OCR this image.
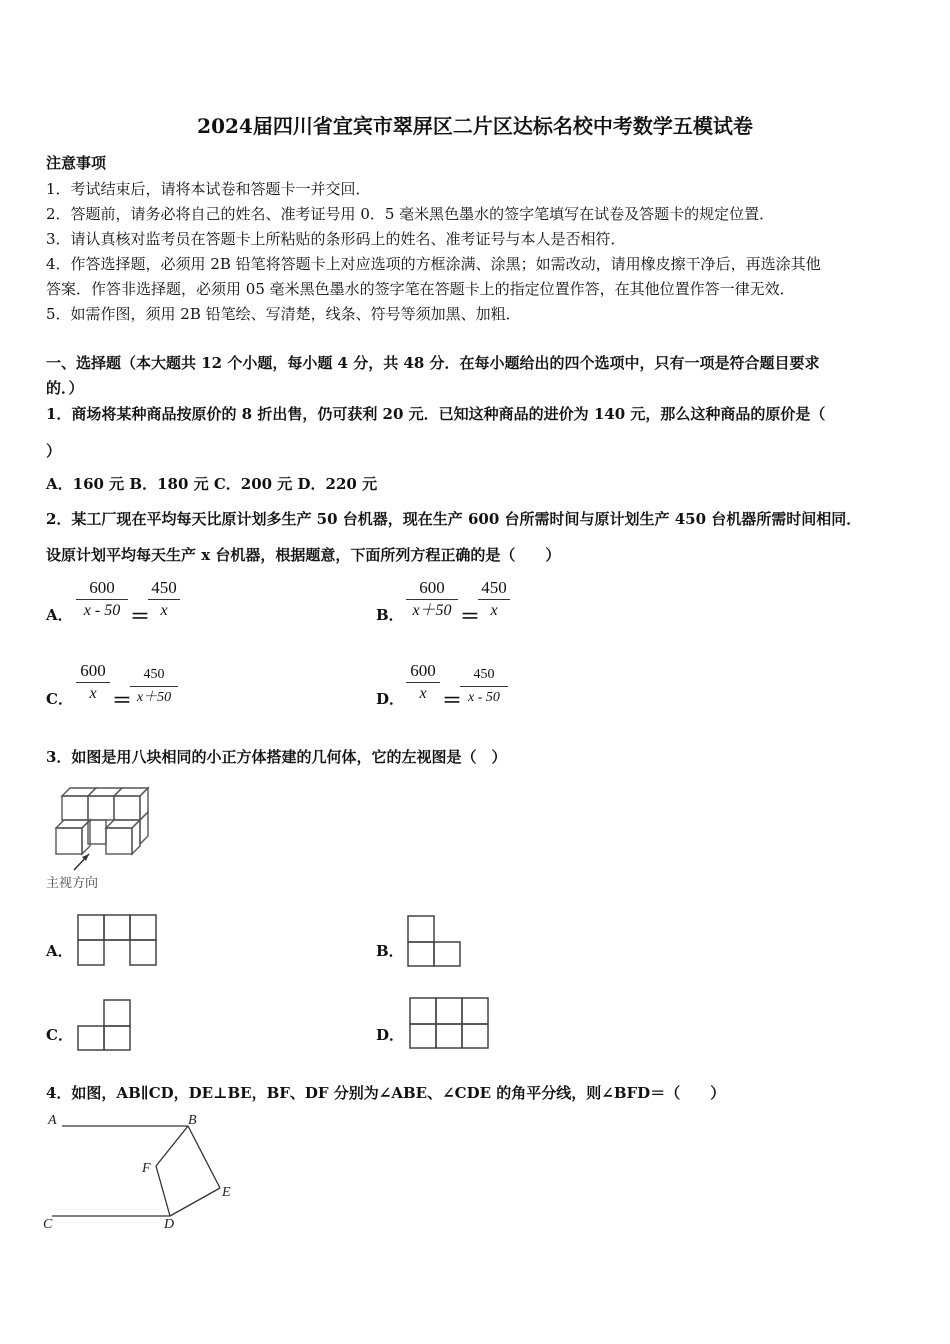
2024届四川省宜宾市翠屏区二片区达标名校中考数学五模试卷
注意事项
1．考试结束后，请将本试卷和答题卡一并交回．
2．答题前，请务必将自己的姓名、准考证号用 0．5 毫米黑色墨水的签字笔填写在试卷及答题卡的规定位置．
3．请认真核对监考员在答题卡上所粘贴的条形码上的姓名、准考证号与本人是否相符．
4．作答选择题，必须用 2B 铅笔将答题卡上对应选项的方框涂满、涂黑；如需改动，请用橡皮擦干净后，再选涂其他
答案．作答非选择题，必须用 05 毫米黑色墨水的签字笔在答题卡上的指定位置作答，在其他位置作答一律无效．
5．如需作图，须用 2B 铅笔绘、写清楚，线条、符号等须加黑、加粗．
一、选择题（本大题共 12 个小题，每小题 4 分，共 48 分．在每小题给出的四个选项中，只有一项是符合题目要求
的．）
1．商场将某种商品按原价的 8 折出售，仍可获利 20 元．已知这种商品的进价为 140 元，那么这种商品的原价是（
）
A．160 元 B．180 元 C．200 元 D．220 元
2．某工厂现在平均每天比原计划多生产 50 台机器，现在生产 600 台所需时间与原计划生产 450 台机器所需时间相同．
设原计划平均每天生产 x 台机器，根据题意，下面所列方程正确的是（　　）
A． $\frac{600}{x - 50}$ ＝
$\frac{450}{x}$	B． $\frac{600}{x+50}$ ＝
$\frac{450}{x}$
C． $\frac{600}{x}$ ＝
$\frac{450}{x+50}$	D． $\frac{600}{x}$ ＝
$\frac{450}{x - 50}$
3．如图是用八块相同的小正方体搭建的几何体，它的左视图是（　）
主视方向
A．	B．
C．	D．
4．如图，AB∥CD，DE⊥BE，BF、DF 分别为∠ABE、∠CDE 的角平分线，则∠BFD＝（　　）
A	B
F
E
C	D
